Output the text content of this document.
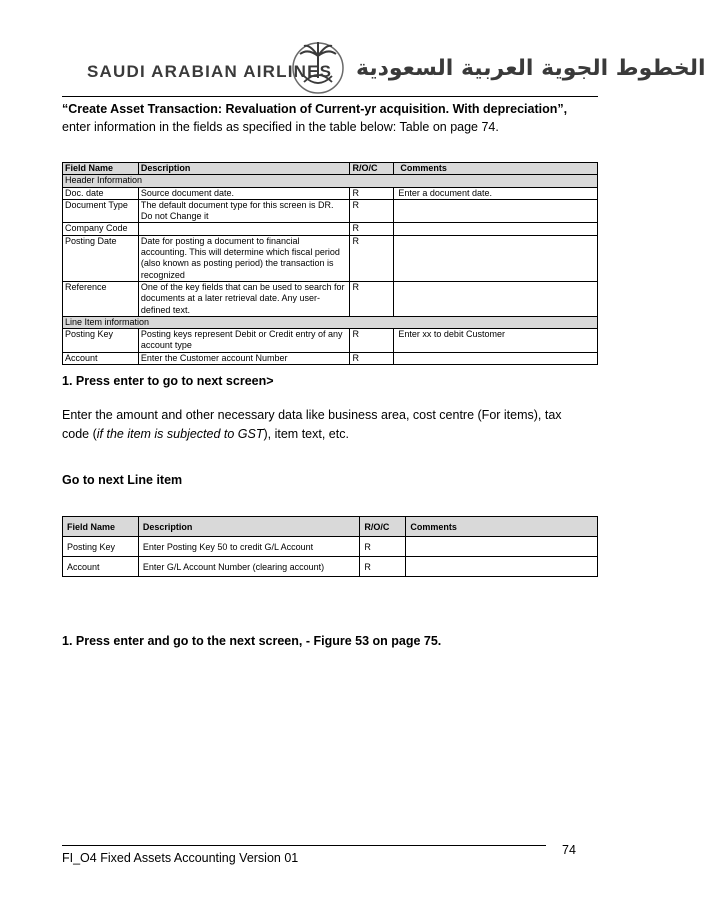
SAUDI ARABIAN AIRLINES الخطوط الجوية العربية السعودية
“Create Asset Transaction: Revaluation of Current-yr acquisition. With depreciation”, enter information in the fields as specified in the table below: Table on page 74.
Field Name	Description	R/O/C	Comments
Header Information			
Doc. date	Source document date.	R	Enter a document date.
Document Type	The default document type for this screen is DR. Do not Change it	R	
Company Code		R	
Posting Date	Date for posting a document to financial accounting. This will determine which fiscal period (also known as posting period) the transaction is recognized	R	
Reference	One of the key fields that can be used to search for documents at a later retrieval date. Any user-defined text.	R	
Line Item information			
Posting Key	Posting keys represent Debit or Credit entry of any account type	R	Enter xx to debit Customer
Account	Enter the Customer account Number	R	
1. Press enter to go to next screen>
Enter the amount and other necessary data like business area, cost centre (For items), tax code (if the item is subjected to GST), item text, etc.
Go to next Line item
Field Name	Description	R/O/C	Comments
Posting Key	Enter Posting Key 50 to credit G/L Account	R	
Account	Enter G/L Account Number (clearing account)	R	
1. Press enter and go to the next screen, - Figure 53 on page 75.
FI_O4 Fixed Assets Accounting Version 01
74
